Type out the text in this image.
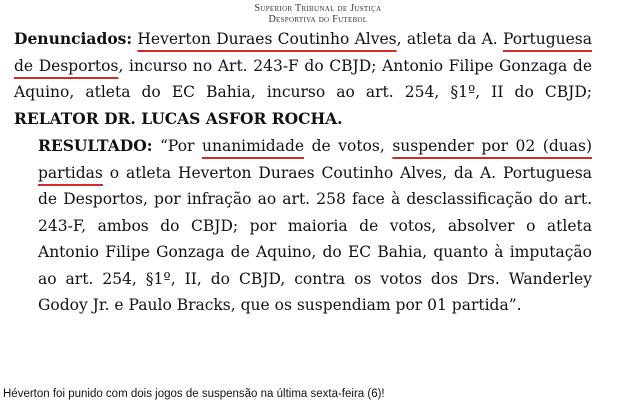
Superior Tribunal de Justiça
Desportiva do Futebol
Denunciados: Heverton Duraes Coutinho Alves, atleta da A. Portuguesa de Desportos, incurso no Art. 243-F do CBJD; Antonio Filipe Gonzaga de Aquino, atleta do EC Bahia, incurso ao art. 254, §1º, II do CBJD; RELATOR DR. LUCAS ASFOR ROCHA.
RESULTADO: “Por unanimidade de votos, suspender por 02 (duas) partidas o atleta Heverton Duraes Coutinho Alves, da A. Portuguesa de Desportos, por infração ao art. 258 face à desclassificação do art. 243-F, ambos do CBJD; por maioria de votos, absolver o atleta Antonio Filipe Gonzaga de Aquino, do EC Bahia, quanto à imputação ao art. 254, §1º, II, do CBJD, contra os votos dos Drs. Wanderley Godoy Jr. e Paulo Bracks, que os suspendiam por 01 partida”.
Héverton foi punido com dois jogos de suspensão na última sexta-feira (6)!
